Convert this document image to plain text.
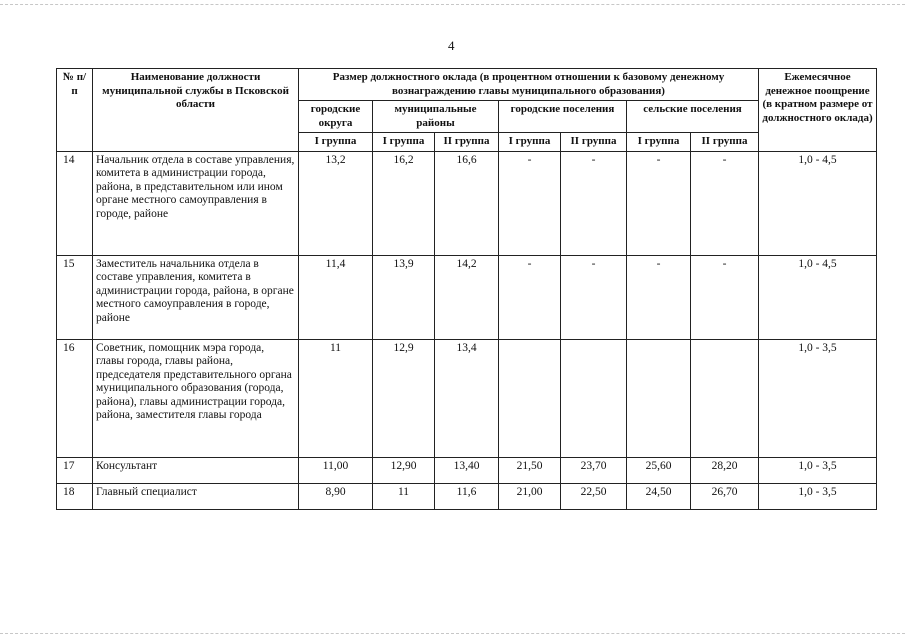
4
№ п/п	Наименование должности муниципальной службы в Псковской области	Размер должностного оклада (в процентном отношении к базовому денежному вознаграждению главы муниципального образования)							Ежемесячное денежное поощрение (в кратном размере от должностного оклада)
		городские округа	муниципальные районы		городские поселения		сельские поселения		
		I группа	I группа	II группа	I группа	II группа	I группа	II группа	
14	Начальник отдела в составе управления, комитета в администрации города, района, в представительном или ином органе местного самоуправления в городе, районе	13,2	16,2	16,6	-	-	-	-	1,0 - 4,5
15	Заместитель начальника отдела в составе управления, комитета в администрации города, района, в органе местного самоуправления в городе, районе	11,4	13,9	14,2	-	-	-	-	1,0 - 4,5
16	Советник, помощник мэра города, главы города, главы района, председателя представительного органа муниципального образования (города, района), главы администрации города, района, заместителя главы города	11	12,9	13,4					1,0 - 3,5
17	Консультант	11,00	12,90	13,40	21,50	23,70	25,60	28,20	1,0 - 3,5
18	Главный специалист	8,90	11	11,6	21,00	22,50	24,50	26,70	1,0 - 3,5
